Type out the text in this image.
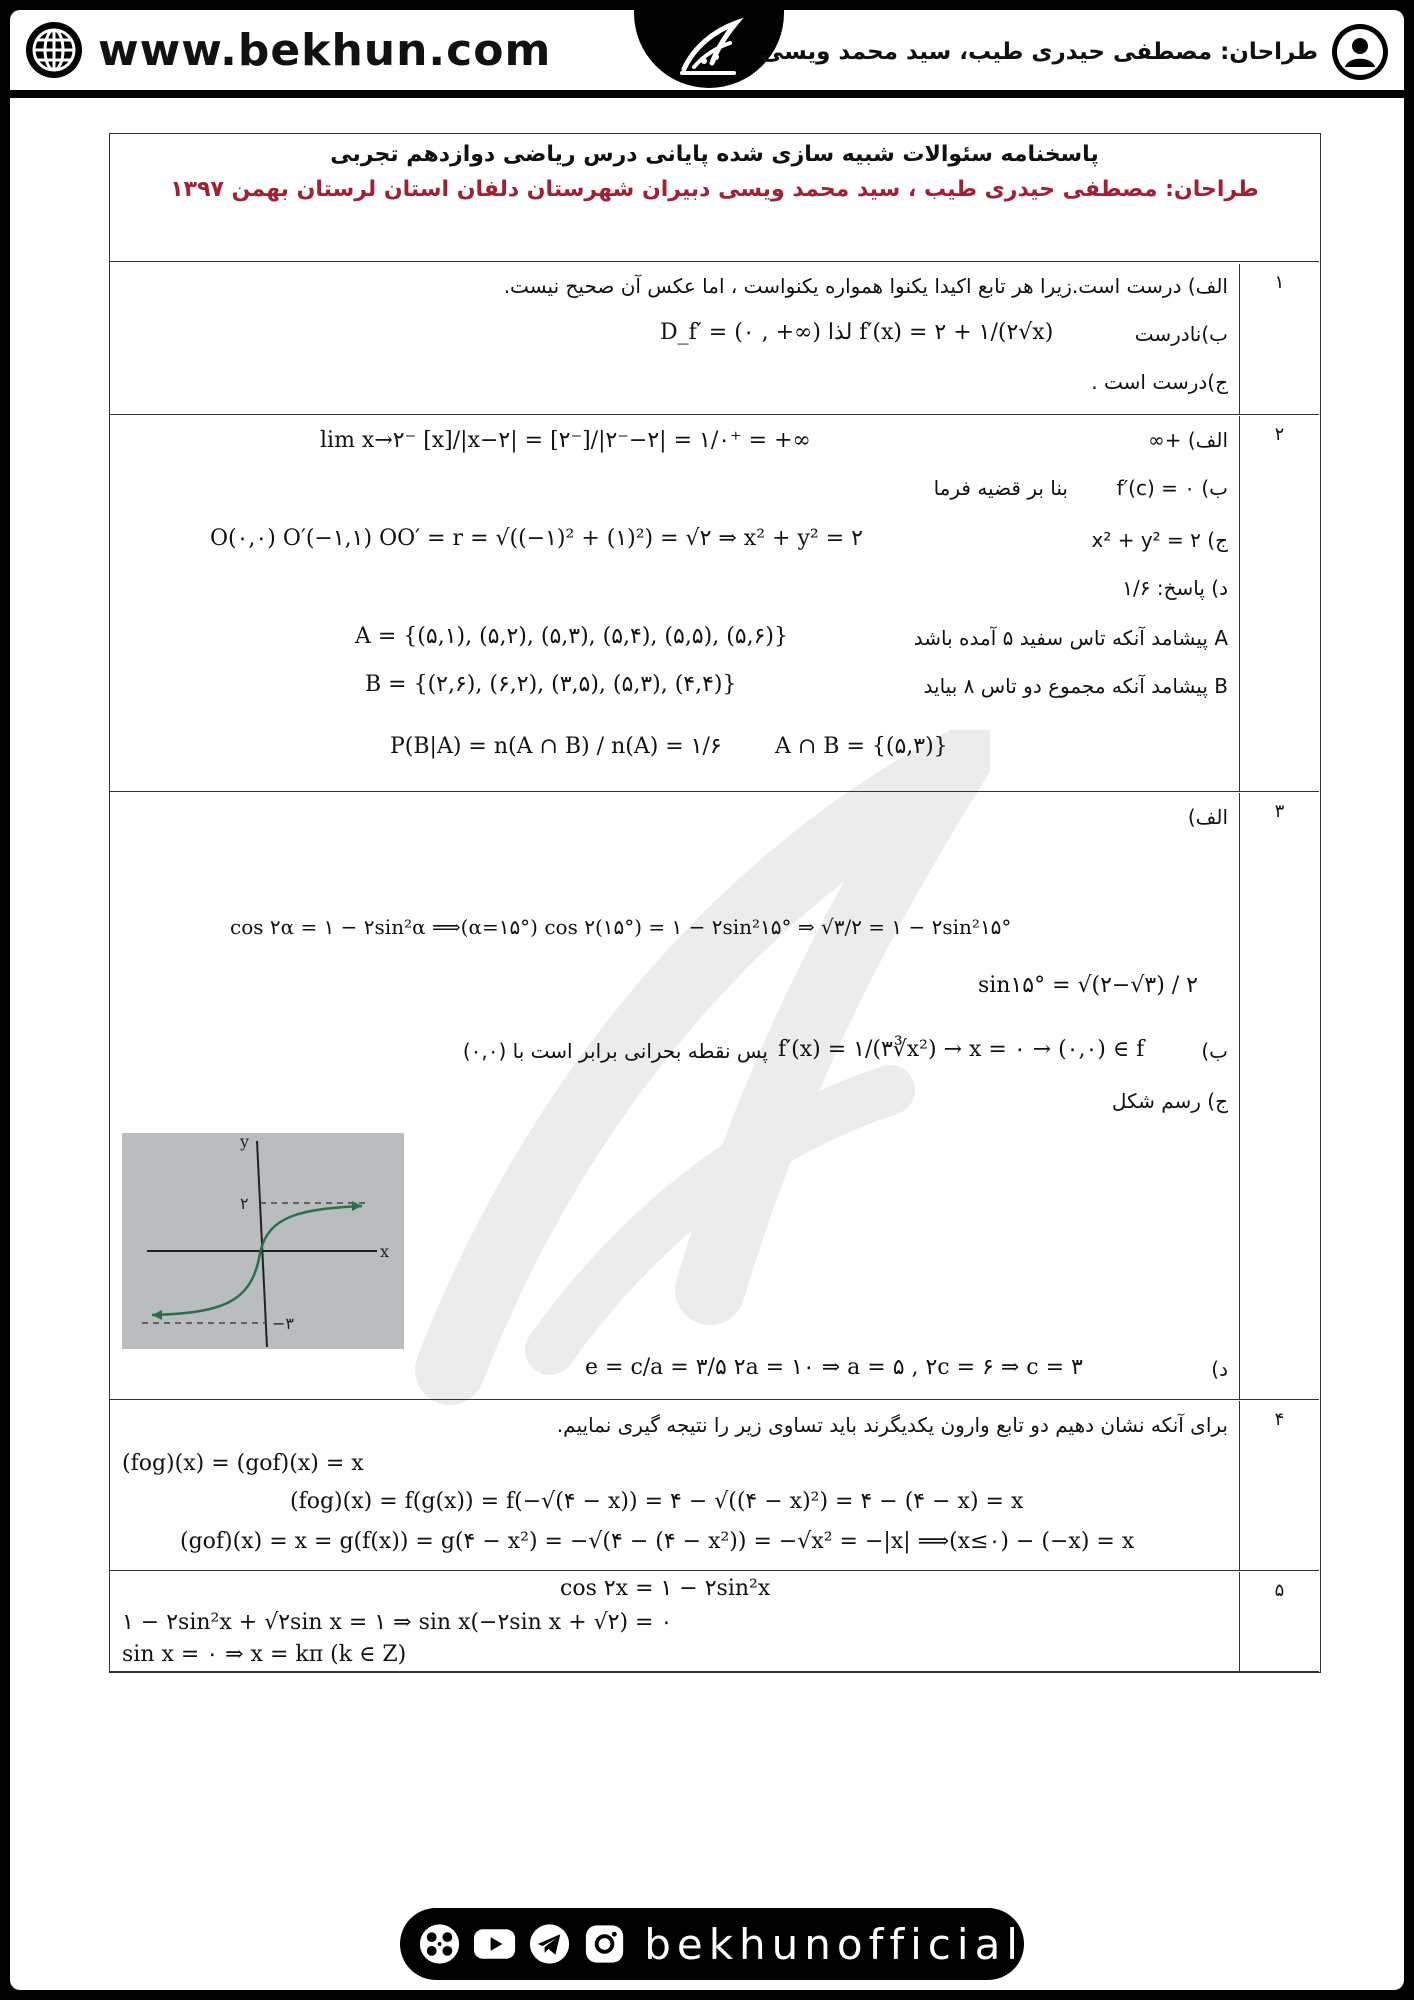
www.bekhun.com	طراحان: مصطفی حیدری طیب، سید محمد ویسی
پاسخنامه سئوالات شبیه سازی شده پایانی درس ریاضی دوازدهم تجربی
طراحان: مصطفی حیدری طیب ، سید محمد ویسی دبیران شهرستان دلفان استان لرستان بهمن ۱۳۹۷
۱
الف) درست است.زیرا هر تابع اکیدا یکنوا همواره یکنواست ، اما عکس آن صحیح نیست.
ب)نادرست
D_f′ = (۰ , +∞) لذا f′(x) = ۲ + ۱/(۲√x)
ج)درست است .
۲
الف) +∞
lim x→۲⁻ [x]/|x−۲| = [۲⁻]/|۲⁻−۲| = ۱/۰⁺ = +∞
ب) f′(c) = ۰
بنا بر قضیه فرما
ج) x² + y² = ۲
O(۰,۰) O′(−۱,۱) OO′ = r = √((−۱)² + (۱)²) = √۲ ⇒ x² + y² = ۲
د) پاسخ: ۱/۶
A پیشامد آنکه تاس سفید ۵ آمده باشد
A = {(۵,۱), (۵,۲), (۵,۳), (۵,۴), (۵,۵), (۵,۶)}
B پیشامد آنکه مجموع دو تاس ۸ بیاید
B = {(۲,۶), (۶,۲), (۳,۵), (۵,۳), (۴,۴)}
P(B|A) = n(A ∩ B) / n(A) = ۱/۶ A ∩ B = {(۵,۳)}
۳
الف)
cos ۲α = ۱ − ۲sin²α ⟹(α=۱۵°) cos ۲(۱۵°) = ۱ − ۲sin²۱۵° ⇒ √۳/۲ = ۱ − ۲sin²۱۵°
sin۱۵° = √(۲−√۳) / ۲
ب)
f′(x) = ۱/(۳∛x²) → x = ۰ → (۰,۰) ∈ f
پس نقطه بحرانی برابر است با (۰,۰)
ج) رسم شکل
y
x
۲
−۳
د)
e = c/a = ۳/۵ ۲a = ۱۰ ⇒ a = ۵ , ۲c = ۶ ⇒ c = ۳
۴
برای آنکه نشان دهیم دو تابع وارون یکدیگرند باید تساوی زیر را نتیجه گیری نماییم.
(fog)(x) = (gof)(x) = x
(fog)(x) = f(g(x)) = f(−√(۴ − x)) = ۴ − √((۴ − x)²) = ۴ − (۴ − x) = x
(gof)(x) = x = g(f(x)) = g(۴ − x²) = −√(۴ − (۴ − x²)) = −√x² = −|x| ⟹(x≤۰) − (−x) = x
۵
cos ۲x = ۱ − ۲sin²x
۱ − ۲sin²x + √۲sin x = ۱ ⇒ sin x(−۲sin x + √۲) = ۰
sin x = ۰ ⇒ x = kπ (k ∈ Z)
bekhunofficial
